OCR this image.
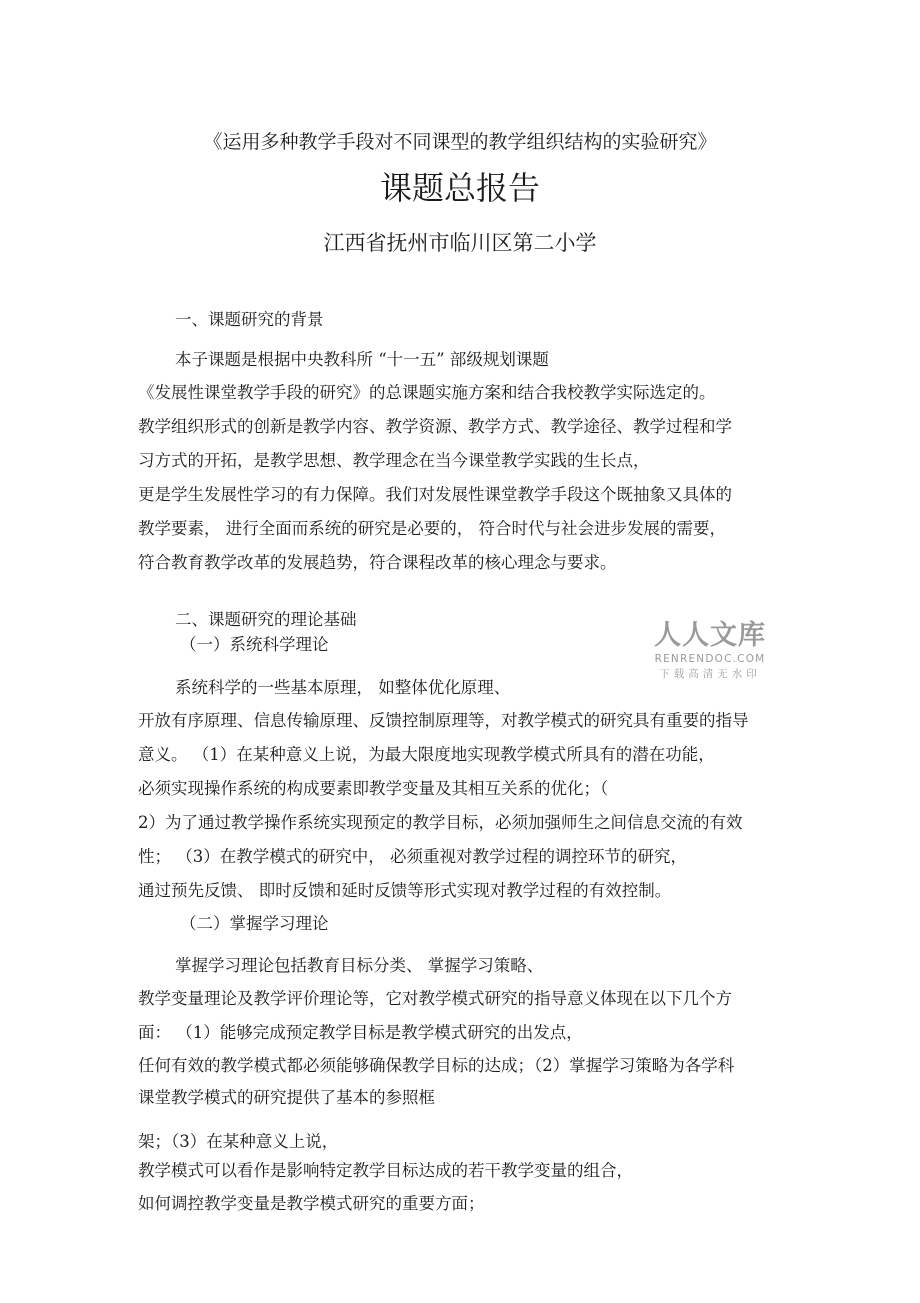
《运用多种教学手段对不同课型的教学组织结构的实验研究》
课题总报告
江西省抚州市临川区第二小学
一、课题研究的背景
本子课题是根据中央教科所 “十一五” 部级规划课题
《发展性课堂教学手段的研究》的总课题实施方案和结合我校教学实际选定的。
教学组织形式的创新是教学内容、教学资源、教学方式、教学途径、教学过程和学
习方式的开拓，是教学思想、教学理念在当今课堂教学实践的生长点，
更是学生发展性学习的有力保障。我们对发展性课堂教学手段这个既抽象又具体的
教学要素， 进行全面而系统的研究是必要的， 符合时代与社会进步发展的需要，
符合教育教学改革的发展趋势，符合课程改革的核心理念与要求。
二、课题研究的理论基础
（一）系统科学理论
系统科学的一些基本原理， 如整体优化原理、
开放有序原理、信息传输原理、反馈控制原理等，对教学模式的研究具有重要的指导
意义。 （1）在某种意义上说，为最大限度地实现教学模式所具有的潜在功能，
必须实现操作系统的构成要素即教学变量及其相互关系的优化；（
2）为了通过教学操作系统实现预定的教学目标，必须加强师生之间信息交流的有效
性； （3）在教学模式的研究中， 必须重视对教学过程的调控环节的研究，
通过预先反馈、 即时反馈和延时反馈等形式实现对教学过程的有效控制。
（二）掌握学习理论
掌握学习理论包括教育目标分类、 掌握学习策略、
教学变量理论及教学评价理论等，它对教学模式研究的指导意义体现在以下几个方
面： （1）能够完成预定教学目标是教学模式研究的出发点，
任何有效的教学模式都必须能够确保教学目标的达成；（2）掌握学习策略为各学科
课堂教学模式的研究提供了基本的参照框
架；（3）在某种意义上说，
教学模式可以看作是影响特定教学目标达成的若干教学变量的组合，
如何调控教学变量是教学模式研究的重要方面；
人人文库
RENRENDOC.COM
下载高清无水印
